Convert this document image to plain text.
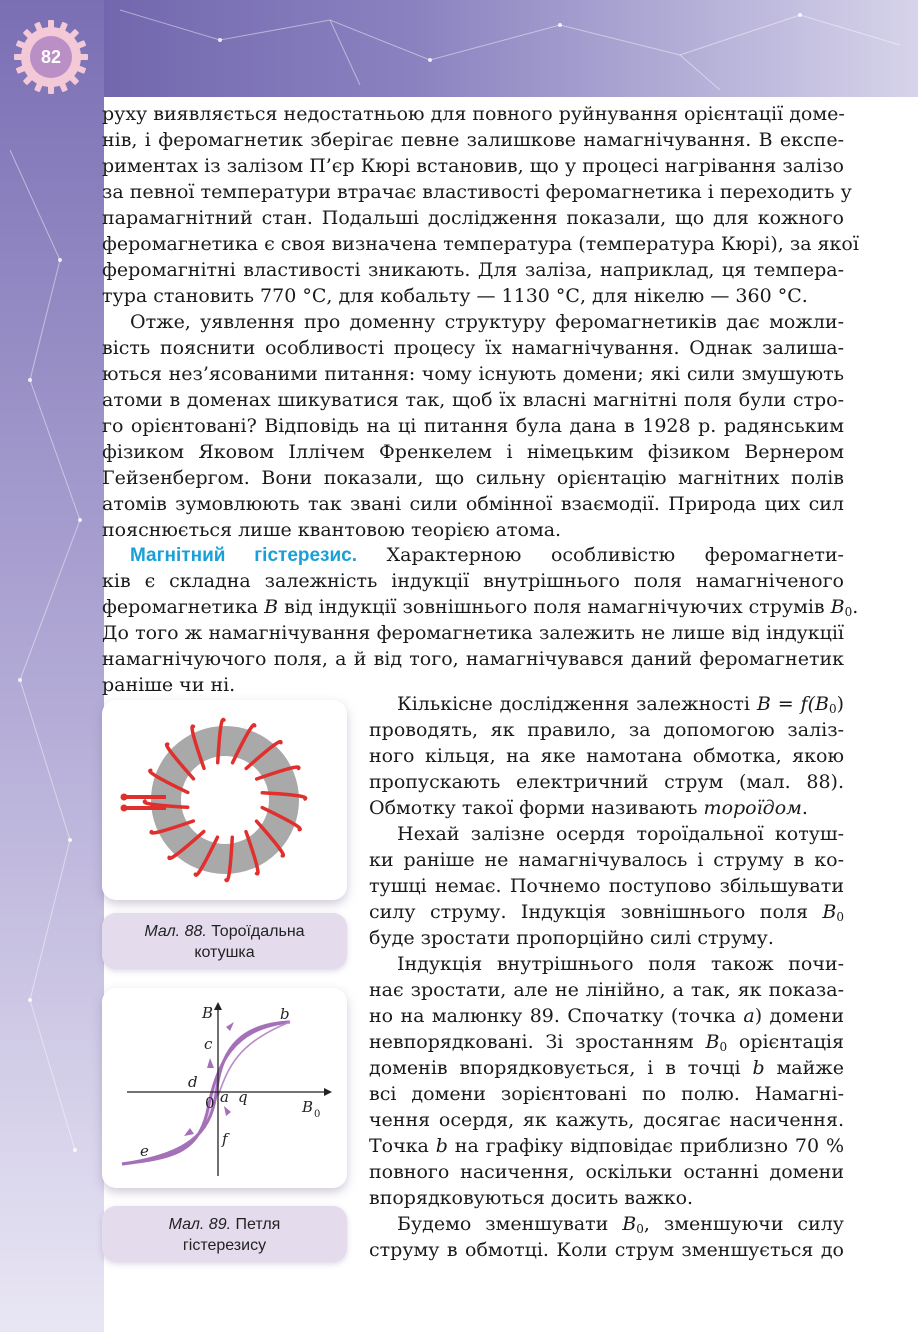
82
руху виявляється недостатньою для повного руйнування орієнтації доме-
нів, і феромагнетик зберігає певне залишкове намагнічування. В експе-
риментах із залізом П’єр Кюрі встановив, що у процесі нагрівання залізо
за певної температури втрачає властивості феромагнетика і переходить у
парамагнітний стан. Подальші дослідження показали, що для кожного
феромагнетика є своя визначена температура (температура Кюрі), за якої
феромагнітні властивості зникають. Для заліза, наприклад, ця темпера-
тура становить 770 °С, для кобальту — 1130 °С, для нікелю — 360 °С.
Отже, уявлення про доменну структуру феромагнетиків дає можли-
вість пояснити особливості процесу їх намагнічування. Однак залиша-
ються нез’ясованими питання: чому існують домени; які сили змушують
атоми в доменах шикуватися так, щоб їх власні магнітні поля були стро-
го орієнтовані? Відповідь на ці питання була дана в 1928 р. радянським
фізиком Яковом Іллічем Френкелем і німецьким фізиком Вернером
Гейзенбергом. Вони показали, що сильну орієнтацію магнітних полів
атомів зумовлюють так звані сили обмінної взаємодії. Природа цих сил
пояснюється лише квантовою теорією атома.
Магнітний гістерезис. Характерною особливістю феромагнети-
ків є складна залежність індукції внутрішнього поля намагніченого
феромагнетика B від індукції зовнішнього поля намагнічуючих струмів $B_0$.
До того ж намагнічування феромагнетика залежить не лише від індукції
намагнічуючого поля, а й від того, намагнічувався даний феромагнетик
раніше чи ні.
Кількісне дослідження залежності $B = f(B_0)$
проводять, як правило, за допомогою залiз-
ного кільця, на яке намотана обмотка, якою
пропускають електричний струм (мал. 88).
Обмотку такої форми називають тороїдом.
Нехай залізне осердя тороїдальної котуш-
ки раніше не намагнічувалось і струму в ко-
тушці немає. Почнемо поступово збільшувати
силу струму. Індукція зовнішнього поля $B_0$
буде зростати пропорційно силі струму.
Індукція внутрішнього поля також почи-
нає зростати, але не лінійно, а так, як показа-
но на малюнку 89. Спочатку (точка a) домени
невпорядковані. Зі зростанням $B_0$ орієнтація
доменів впорядковується, і в точці b майже
всі домени зорієнтовані по полю. Намагні-
чення осердя, як кажуть, досягає насичення.
Точка b на графіку відповідає приблизно 70 %
повного насичення, оскільки останні домени
впорядковуються досить важко.
Будемо зменшувати $B_0$, зменшуючи силу
струму в обмотці. Коли струм зменшується до
Мал. 88. Тороїдальна
котушка
B
B 0
0 a
b
c
d
e
f
q
Мал. 89. Петля
гістерезису
